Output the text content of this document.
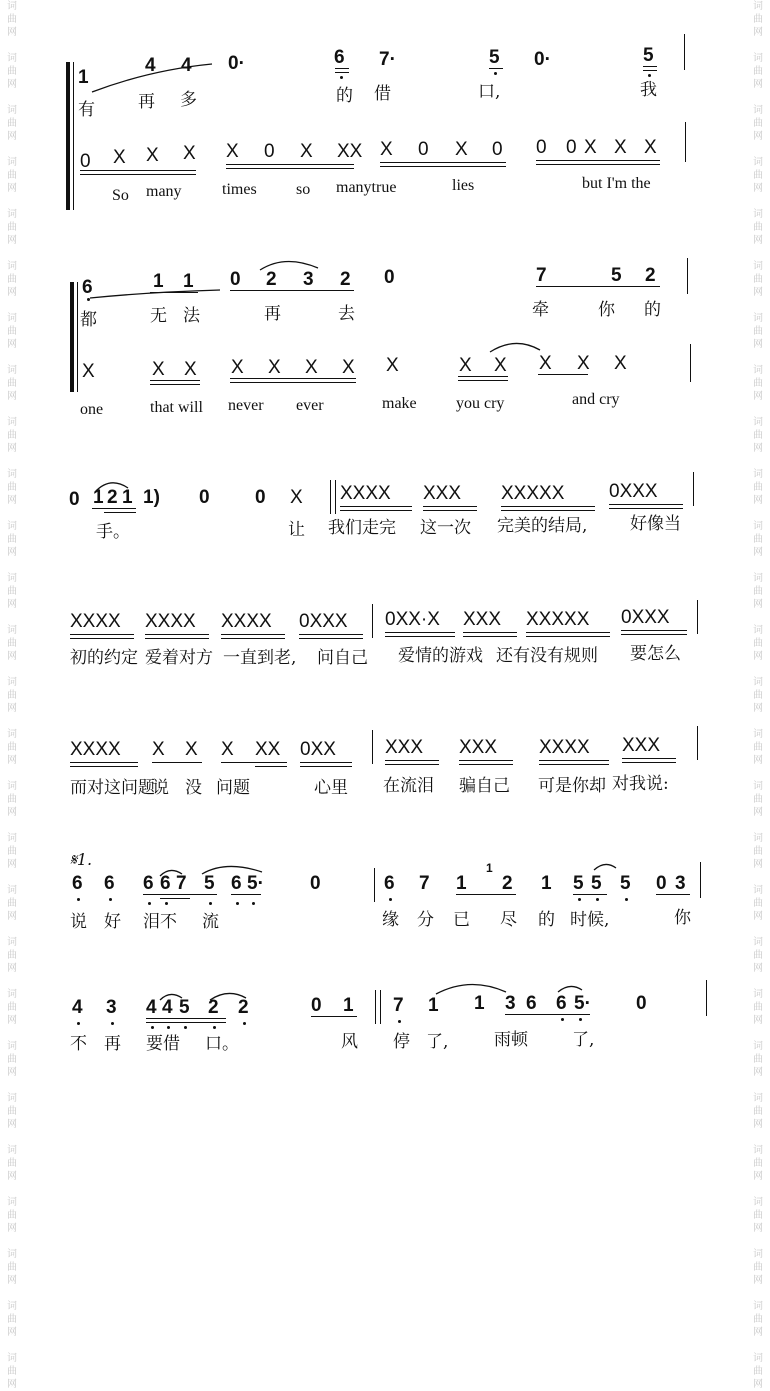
词
曲
网

词
曲
网

词
曲
网

词
曲
网

词
曲
网

词
曲
网

词
曲
网

词
曲
网

词
曲
网

词
曲
网

词
曲
网

词
曲
网

词
曲
网

词
曲
网

词
曲
网

词
曲
网

词
曲
网

词
曲
网

词
曲
网

词
曲
网

词
曲
网

词
曲
网

词
曲
网

词
曲
网

词
曲
网

词
曲
网

词
曲
网

词
曲
网

词
曲
网

词
曲
网

词
曲
网

词
曲
网

词
曲
网

词
曲
网

词
曲
网

词
曲
网

词
曲
网

词
曲
网

词
曲
网

词
曲
网

词
曲
网

词
曲
网

词
曲
网

词
曲
网

词
曲
网

词
曲
网

词
曲
网

词
曲
网

词
曲
网

词
曲
网

词
曲
网

词
曲
网

词
曲
网

词
曲
网

1
4 4 0·	6 7·	5 0·	5
有	再 多	的 借	口,	我
0 X X X X 0 X XX X 0 X 0 0 0 X X X
So many	times so manytrue	lies	but I'm the
6	1 1 0 2 3 2 0	7	5 2
都	无 法	再	去	牵	你 的
X	X X X X X X X	X X X X X
one	that will never ever	make you cry	and cry
0 1 2 1 1) 0 0 X XXXX XXX XXXXX 0XXX
手。	让 我们走完 这一次 完美的结局,	好像当
XXXX XXXX XXXX 0XXX 0XX·X XXX XXXXX 0XXX
初的约定 爱着对方 一直到老, 问自己 爱情的游戏 还有没有规则 要怎么
XXXX X X X XX 0XX	XXX XXX XXXX XXX
而对这问题
说 没 问题	心里 在流泪 骗自己 可是你却 对我说:
𝄋1.
6 6 6 6 7 5 6 5· 0	6 7 1
1
2 1 5 5 5 0 3
说 好 泪不 流	缘 分 已 尽 的 时候,	你
4 3 4 4 5 2 2	0 1 7 1 1 3 6 6 5· 0
不 再 要借 口。	风 停 了,	雨顿	了,
